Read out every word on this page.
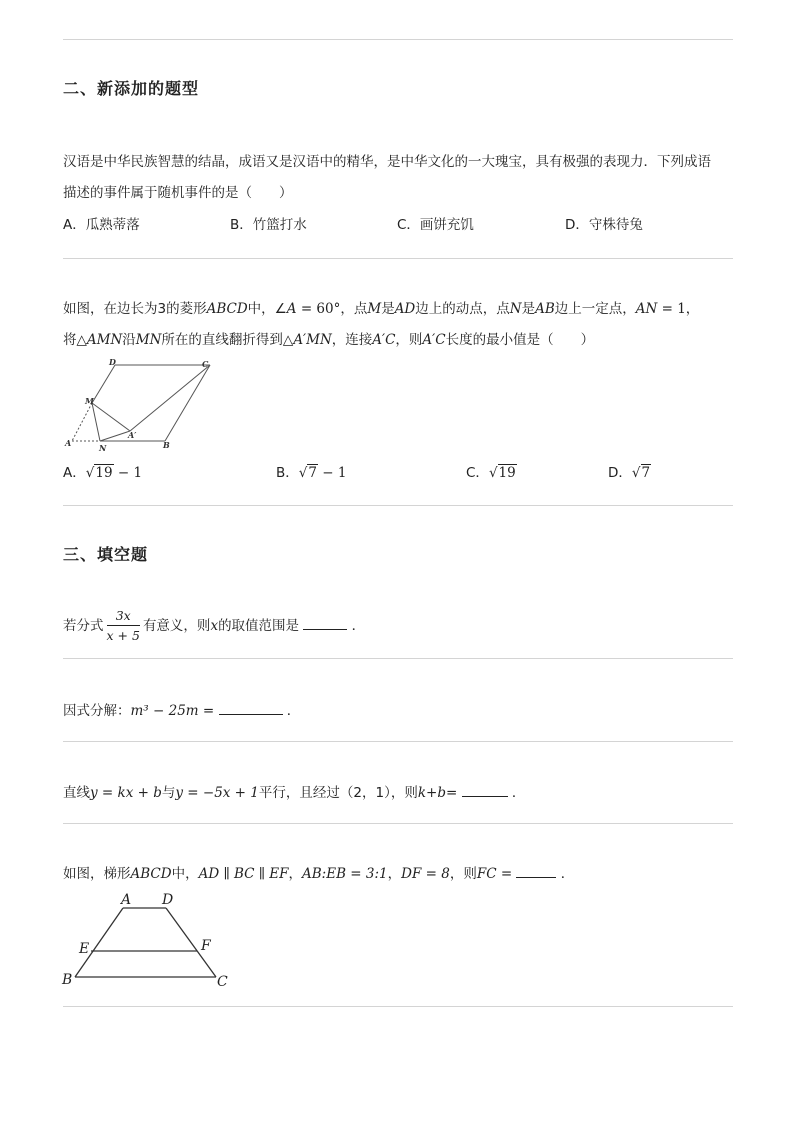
二、新添加的题型
汉语是中华民族智慧的结晶，成语又是汉语中的精华，是中华文化的一大瑰宝，具有极强的表现力．下列成语
描述的事件属于随机事件的是（　　）
A．瓜熟蒂落	B．竹篮打水	C．画饼充饥	D．守株待兔
如图，在边长为3的菱形ABCD中，∠A = 60°，点M是AD边上的动点，点N是AB边上一定点，AN = 1，
将△AMN沿MN所在的直线翻折得到△A′MN，连接A′C，则A′C长度的最小值是（　　）
D	C
M
A′
A	N	B
A．√19 − 1	B．√7 − 1	C．√19	D．√7
三、填空题
若分式 $\frac{3x}{x + 5}$ 有意义，则x的取值范围是	．
因式分解：m³ − 25m =	．
直线y = kx + b与y = −5x + 1平行，且经过（2，1），则k+b=	．
如图，梯形ABCD中，AD ∥ BC ∥ EF，AB:EB = 3:1，DF = 8，则FC =	．
A D
E	F
B	C
